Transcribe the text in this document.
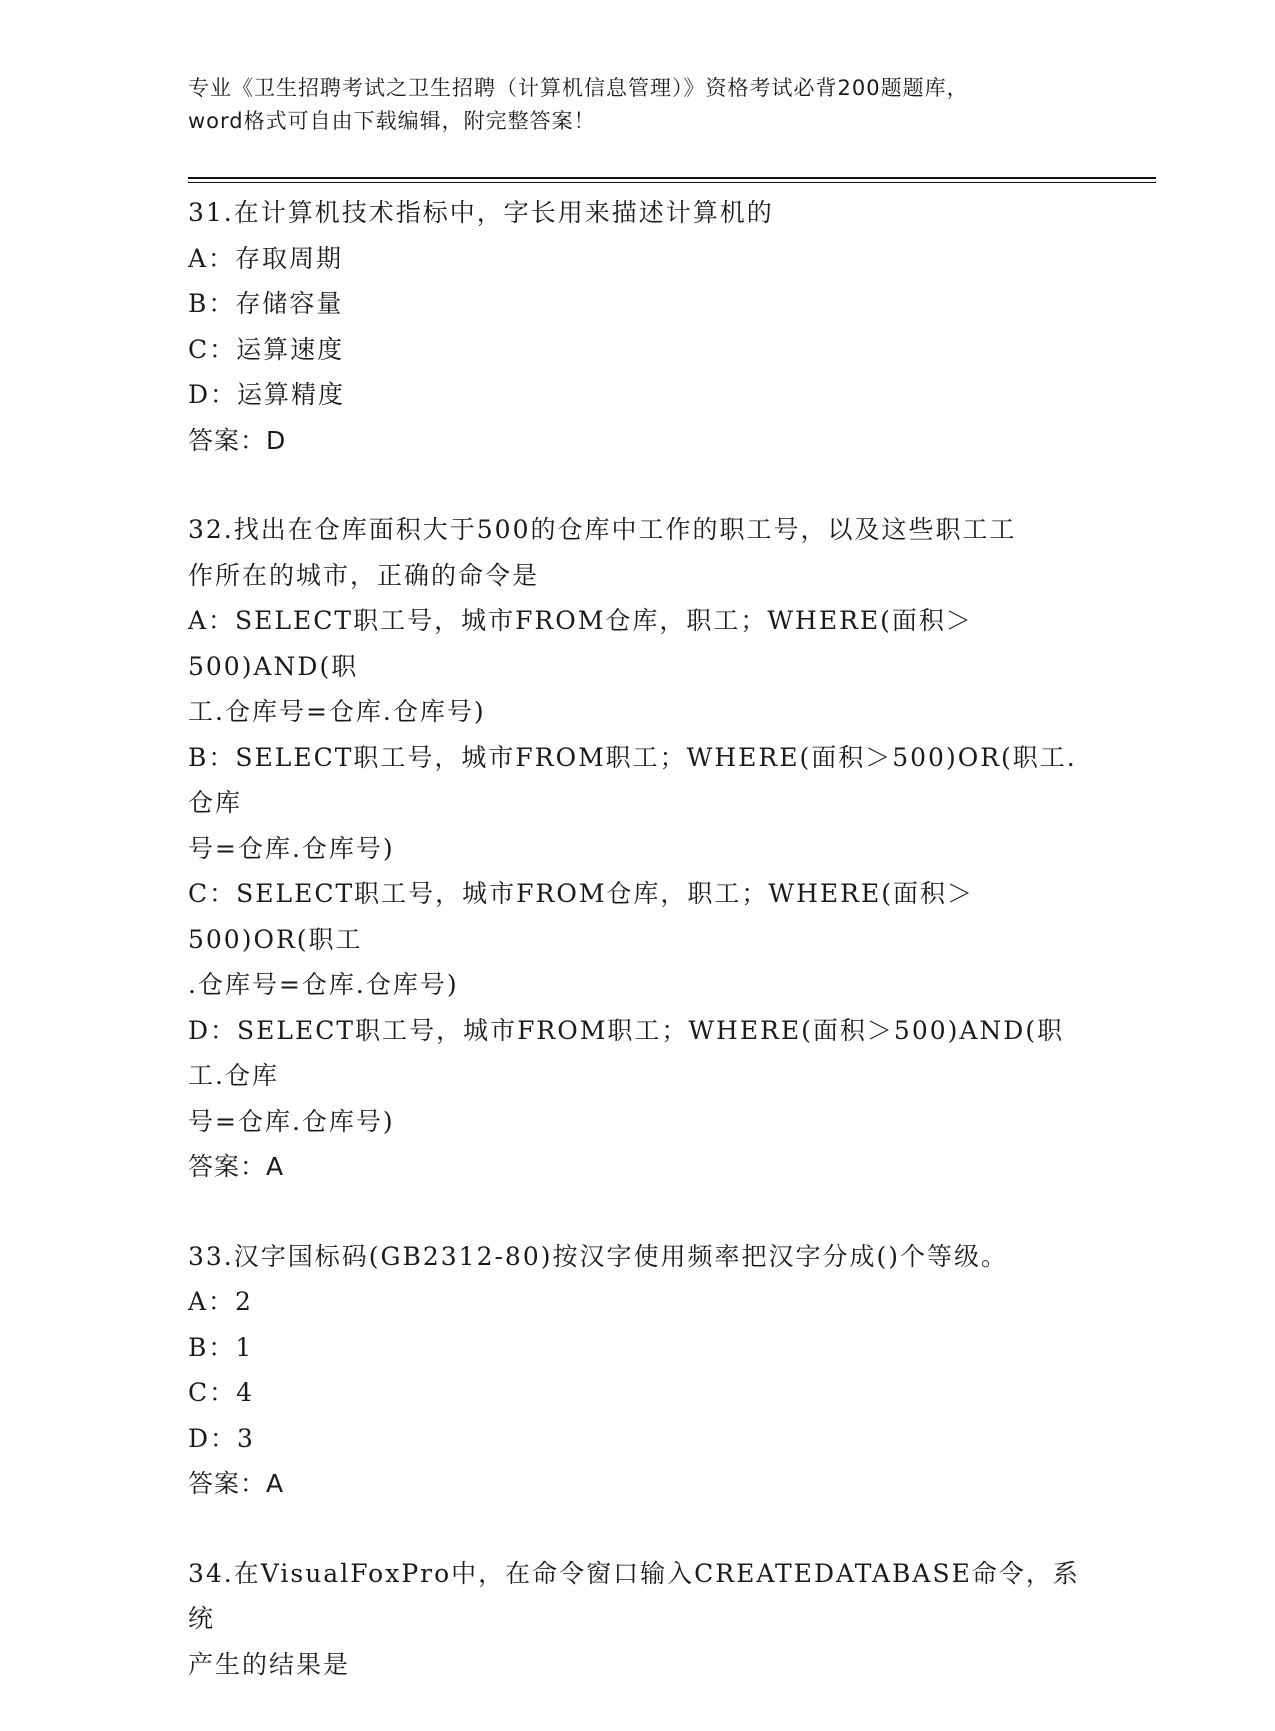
专业《卫生招聘考试之卫生招聘（计算机信息管理）》资格考试必背200题题库，
word格式可自由下载编辑，附完整答案！
31.在计算机技术指标中，字长用来描述计算机的
A：存取周期
B：存储容量
C：运算速度
D：运算精度
答案：D
32.找出在仓库面积大于500的仓库中工作的职工号，以及这些职工工
作所在的城市，正确的命令是
A：SELECT职工号，城市FROM仓库，职工；WHERE(面积＞500)AND(职
工.仓库号=仓库.仓库号)
B：SELECT职工号，城市FROM职工；WHERE(面积＞500)OR(职工.仓库
号=仓库.仓库号)
C：SELECT职工号，城市FROM仓库，职工；WHERE(面积＞500)OR(职工
.仓库号=仓库.仓库号)
D：SELECT职工号，城市FROM职工；WHERE(面积＞500)AND(职工.仓库
号=仓库.仓库号)
答案：A
33.汉字国标码(GB2312-80)按汉字使用频率把汉字分成()个等级。
A：2
B：1
C：4
D：3
答案：A
34.在VisualFoxPro中，在命令窗口输入CREATEDATABASE命令，系统
产生的结果是
